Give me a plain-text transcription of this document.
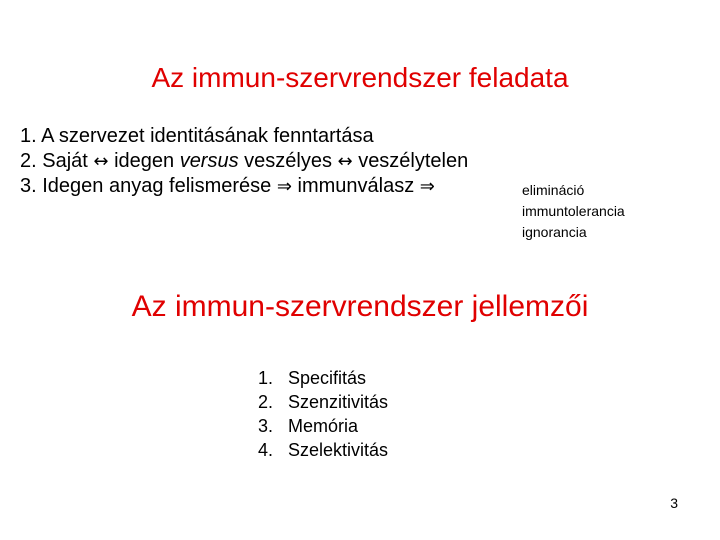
Az immun-szervrendszer feladata
1. A szervezet identitásának fenntartása
2. Saját ↔ idegen versus veszélyes ↔ veszélytelen
3. Idegen anyag felismerése ⇒ immunválasz ⇒	elimináció
immuntolerancia
ignorancia
Az immun-szervrendszer jellemzői
1. Specifitás
2. Szenzitivitás
3. Memória
4. Szelektivitás
3
